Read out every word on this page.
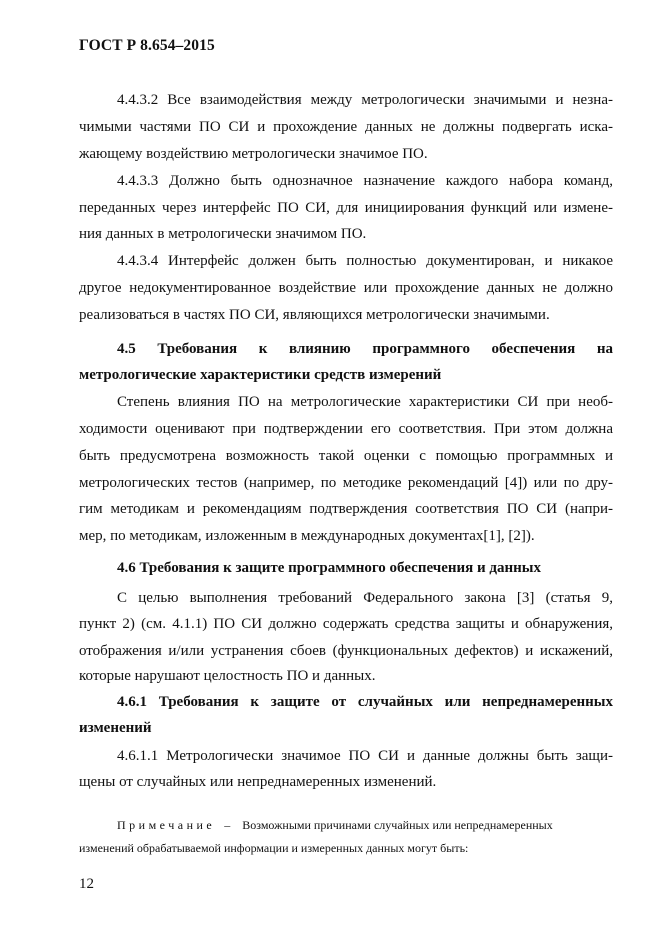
ГОСТ Р 8.654–2015
4.4.3.2 Все взаимодействия между метрологически значимыми и незна-
чимыми частями ПО СИ и прохождение данных не должны подвергать иска-
жающему воздействию метрологически значимое ПО.
4.4.3.3 Должно быть однозначное назначение каждого набора команд,
переданных через интерфейс ПО СИ, для инициирования функций или измене-
ния данных в метрологически значимом ПО.
4.4.3.4 Интерфейс должен быть полностью документирован, и никакое
другое недокументированное воздействие или прохождение данных не должно
реализоваться в частях ПО СИ, являющихся метрологически значимыми.
4.5 Требования к влиянию программного обеспечения на
метрологические характеристики средств измерений
Степень влияния ПО на метрологические характеристики СИ при необ-
ходимости оценивают при подтверждении его соответствия. При этом должна
быть предусмотрена возможность такой оценки с помощью программных и
метрологических тестов (например, по методике рекомендаций [4]) или по дру-
гим методикам и рекомендациям подтверждения соответствия ПО СИ (напри-
мер, по методикам, изложенным в международных документах[1], [2]).
4.6 Требования к защите программного обеспечения и данных
С целью выполнения требований Федерального закона [3] (статья 9,
пункт 2) (см. 4.1.1) ПО СИ должно содержать средства защиты и обнаружения,
отображения и/или устранения сбоев (функциональных дефектов) и искажений,
которые нарушают целостность ПО и данных.
4.6.1 Требования к защите от случайных или непреднамеренных
изменений
4.6.1.1 Метрологически значимое ПО СИ и данные должны быть защи-
щены от случайных или непреднамеренных изменений.
Примечание – Возможными причинами случайных или непреднамеренных
изменений обрабатываемой информации и измеренных данных могут быть:
12
